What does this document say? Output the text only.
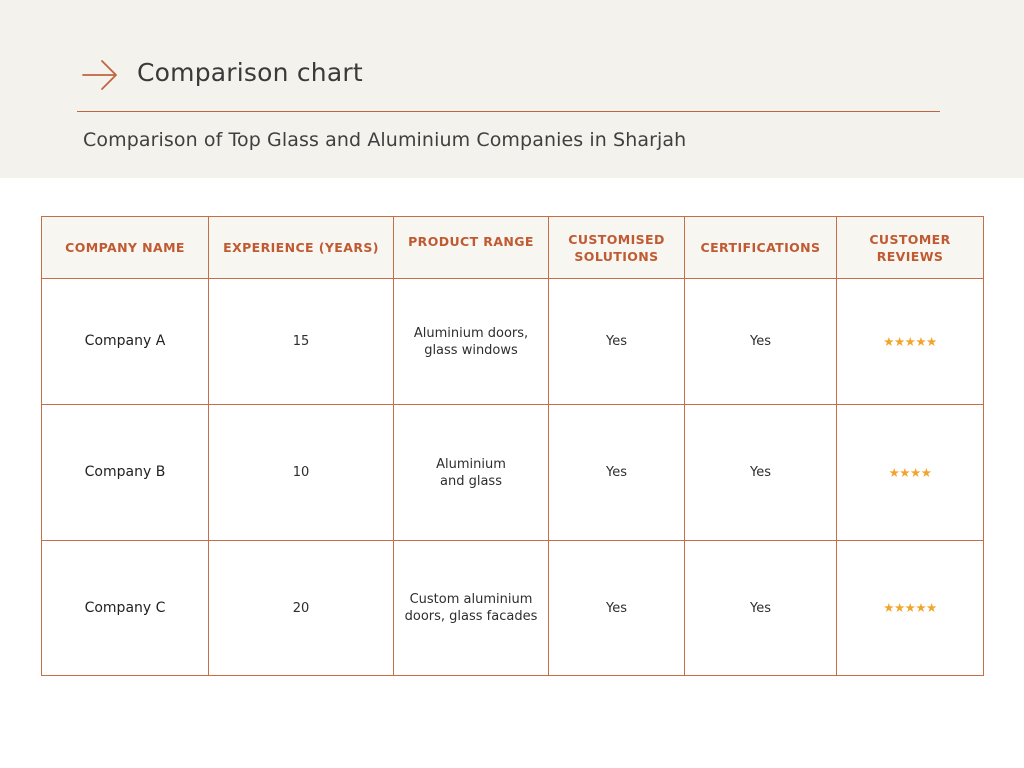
Comparison chart
Comparison of Top Glass and Aluminium Companies in Sharjah
COMPANY NAME	EXPERIENCE (YEARS)	PRODUCT RANGE	CUSTOMISED SOLUTIONS	CERTIFICATIONS	CUSTOMER REVIEWS
Company A	15	Aluminium doors, glass windows	Yes	Yes	★★★★★
Company B	10	Aluminium and glass	Yes	Yes	★★★★
Company C	20	Custom aluminium doors, glass facades	Yes	Yes	★★★★★
